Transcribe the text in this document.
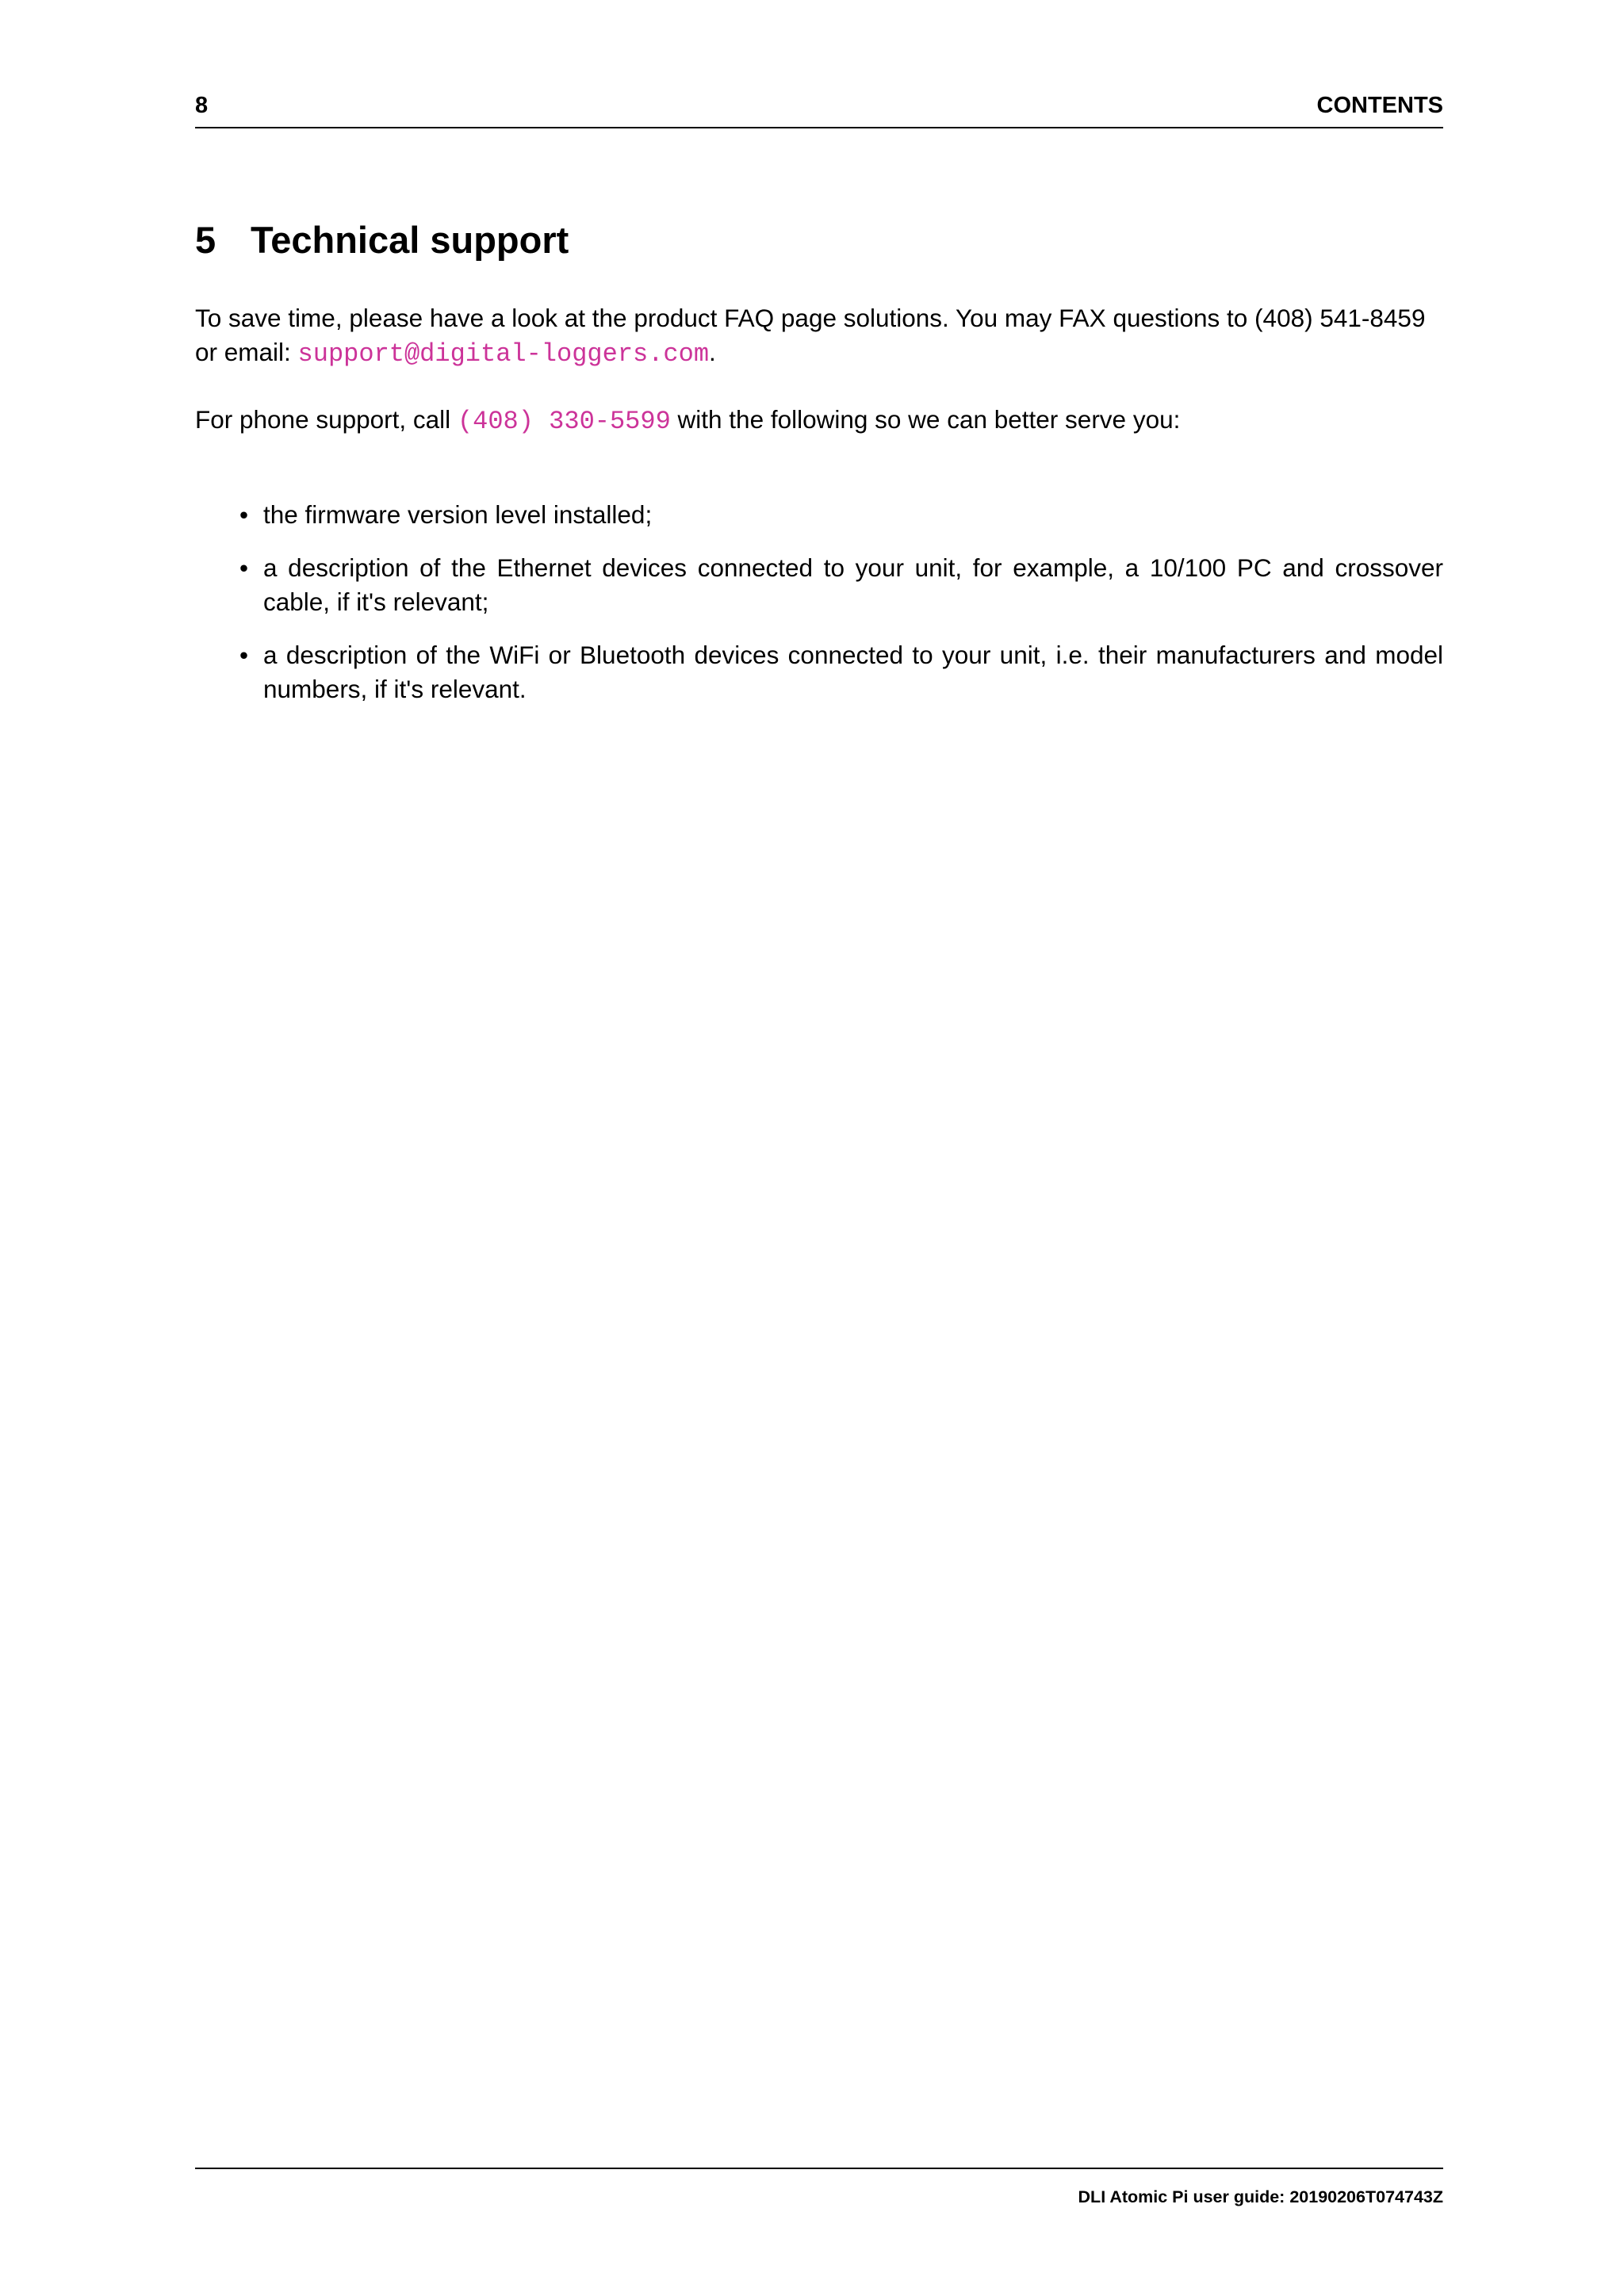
8	CONTENTS
5 Technical support

To save time, please have a look at the product FAQ page solutions. You may FAX questions to (408) 541-8459 or email: support@digital-loggers.com.

For phone support, call (408) 330-5599 with the following so we can better serve you:

• the firmware version level installed;
• a description of the Ethernet devices connected to your unit, for example, a 10/100 PC and crossover cable, if it's relevant;
• a description of the WiFi or Bluetooth devices connected to your unit, i.e. their manufacturers and model numbers, if it's relevant.
DLI Atomic Pi user guide: 20190206T074743Z
